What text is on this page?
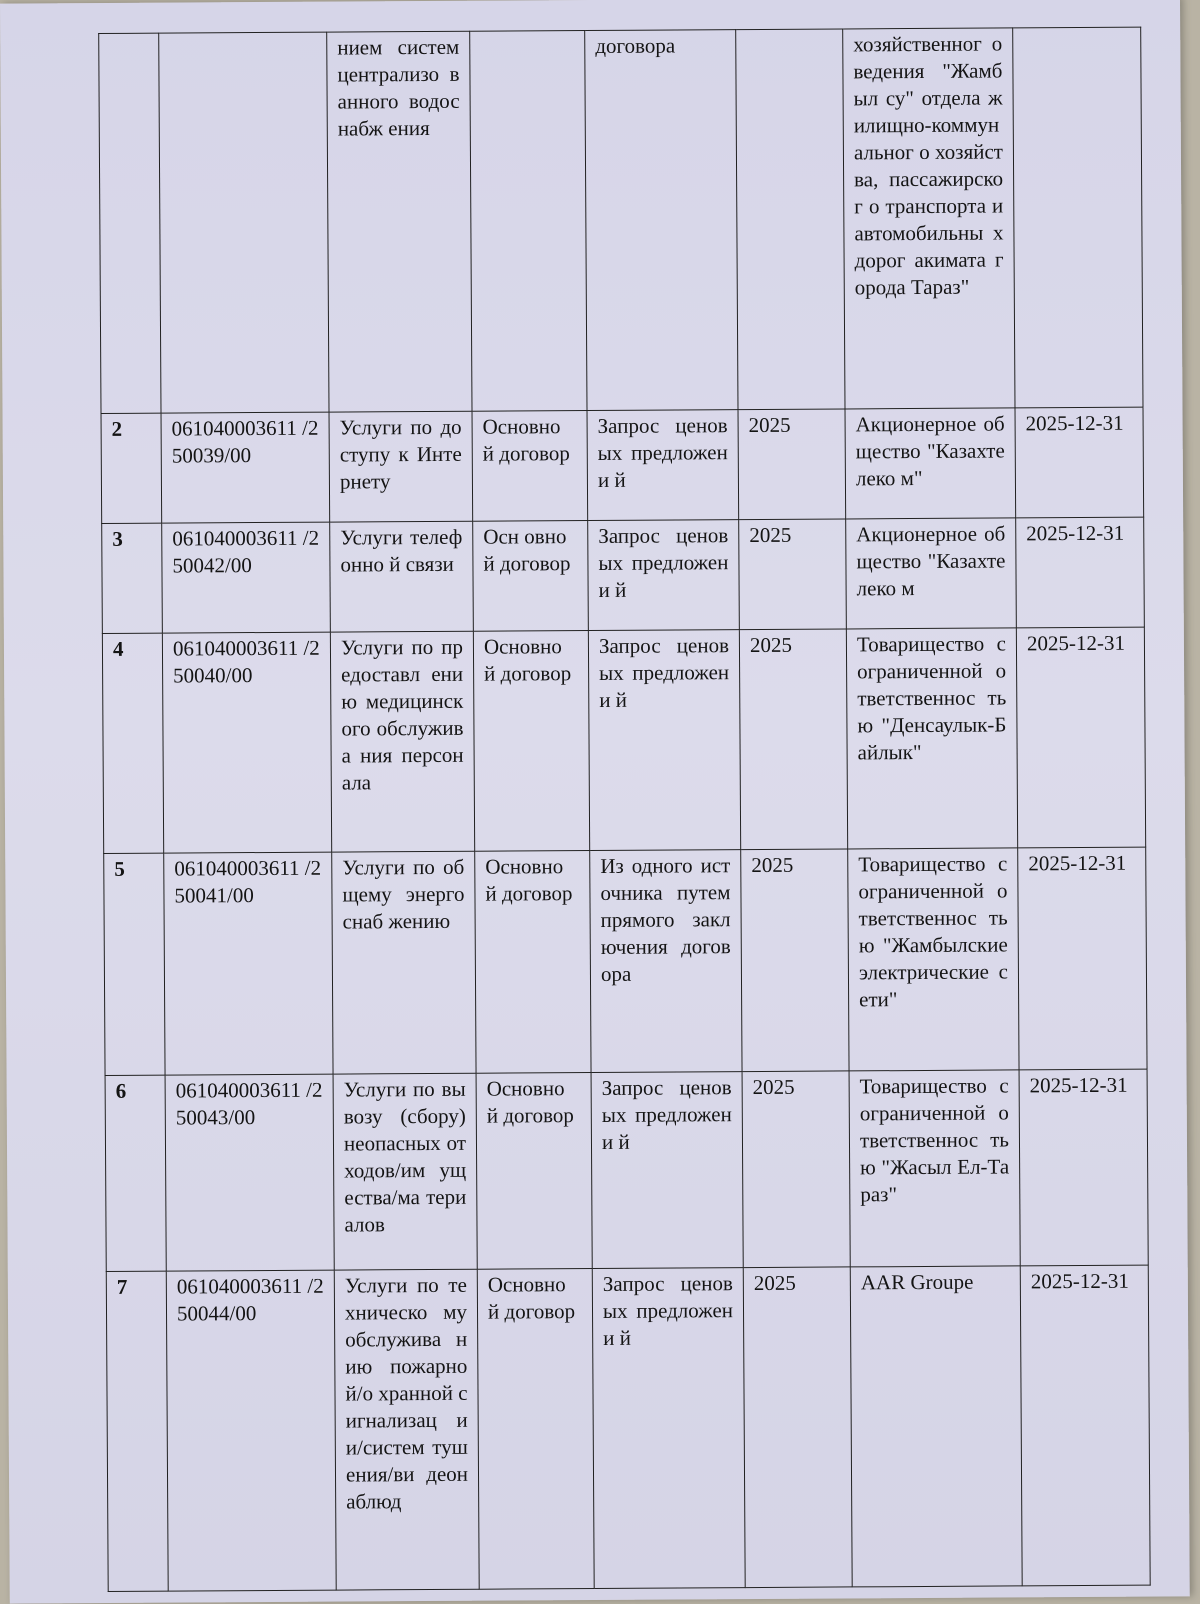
		нием систем централизо ванного водоснабж ения		договора		хозяйственног о ведения "Жамбыл су" отдела жилищно-коммунальног о хозяйства, пассажирског о транспорта и автомобильны х дорог акимата города Тараз"	

2	061040003611 /250039/00	Услуги по доступу к Интернету	Основно й договор	Запрос ценовых предложени й	2025	Акционерное общество "Казахтелеко м"	2025-12-31

3	061040003611 /250042/00	Услуги телефонно й связи	Осн овной договор	Запрос ценовых предложени й	2025	Акционерное общество "Казахтелеко м	2025-12-31

4	061040003611 /250040/00	Услуги по предоставл ению медицинск ого обслужива ния персонала	Основно й договор	Запрос ценовых предложени й	2025	Товарищество с ограниченной ответственнос тью "Денсаулык-Байлык"	2025-12-31

5	061040003611 /250041/00	Услуги по общему энергоснаб жению	Основно й договор	Из одного источника путем прямого заключения договора	2025	Товарищество с ограниченной ответственнос тью "Жамбылские электрические сети"	2025-12-31

6	061040003611 /250043/00	Услуги по вывозу (сбору) неопасных отходов/им ущества/ма териалов	Основно й договор	Запрос ценовых предложени й	2025	Товарищество с ограниченной ответственнос тью "Жасыл Ел-Тараз"	2025-12-31

7	061040003611 /250044/00	Услуги по техническо му обслужива нию пожарной/о хранной сигнализац ии/систем тушения/ви деонаблюд	Основно й договор	Запрос ценовых предложени й	2025	AAR Groupe	2025-12-31
